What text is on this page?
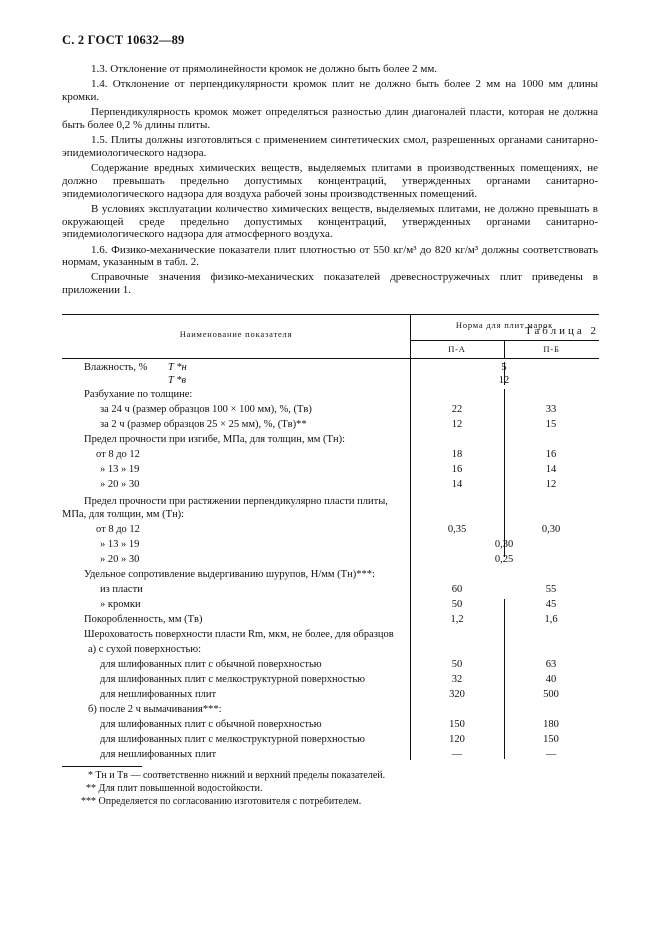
С. 2 ГОСТ 10632—89

1.3. Отклонение от прямолинейности кромок не должно быть более 2 мм.

1.4. Отклонение от перпендикулярности кромок плит не должно быть более 2 мм на 1000 мм длины кромки.

Перпендикулярность кромок может определяться разностью длин диагоналей пласти, которая не должна быть более 0,2 % длины плиты.

1.5. Плиты должны изготовляться с применением синтетических смол, разрешенных органами санитарно-эпидемиологического надзора.

Содержание вредных химических веществ, выделяемых плитами в производственных помещениях, не должно превышать предельно допустимых концентраций, утвержденных органами санитарно-эпидемиологического надзора для воздуха рабочей зоны производственных помещений.

В условиях эксплуатации количество химических веществ, выделяемых плитами, не должно превышать в окружающей среде предельно допустимых концентраций, утвержденных органами санитарно-эпидемиологического надзора для атмосферного воздуха.

1.6. Физико-механические показатели плит плотностью от 550 кг/м³ до 820 кг/м³ должны соответствовать нормам, указанным в табл. 2.

Справочные значения физико-механических показателей древесностружечных плит приведены в приложении 1.

Таблица 2
Наименование показателя
Норма для плит марок
П-А	П-Б
Влажность, % T *н	5
T *в	12
Разбухание по толщине:
за 24 ч (размер образцов 100 × 100 мм), %, (Tв)	22	33
за 2 ч (размер образцов 25 × 25 мм), %, (Tв)**	12	15
Предел прочности при изгибе, МПа, для толщин, мм (Tн):
от 8 до 12	18	16
» 13 » 19	16	14
» 20 » 30	14	12
Предел прочности при растяжении перпендикулярно пласти плиты,
МПа, для толщин, мм (Tн):
от 8 до 12	0,35	0,30
» 13 » 19	0,30
» 20 » 30	0,25
Удельное сопротивление выдергиванию шурупов, Н/мм (Tн)***:
из пласти	60	55
» кромки	50	45
Покоробленность, мм (Tв)	1,2	1,6
Шероховатость поверхности пласти Rm, мкм, не более, для образцов
а) с сухой поверхностью:
для шлифованных плит с обычной поверхностью	50	63
для шлифованных плит с мелкоструктурной поверхностью	32	40
для нешлифованных плит	320	500
б) после 2 ч вымачивания***:
для шлифованных плит с обычной поверхностью	150	180
для шлифованных плит с мелкоструктурной поверхностью	120	150
для нешлифованных плит	—	—
* Tн и Tв — соответственно нижний и верхний пределы показателей.
** Для плит повышенной водостойкости.
*** Определяется по согласованию изготовителя с потребителем.
